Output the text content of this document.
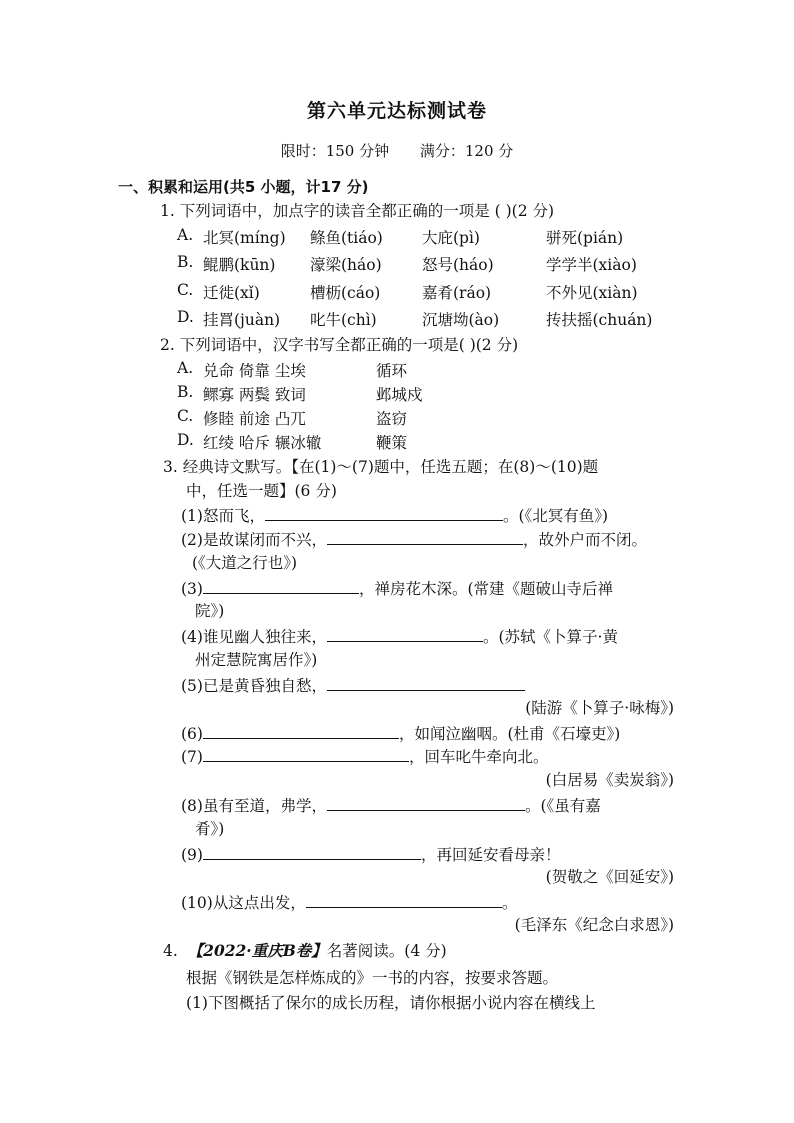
第六单元达标测试卷
限时：150 分钟 满分：120 分
一、积累和运用(共5 小题，计17 分)
1. 下列词语中，加点字的读音全都正确的一项是 ( )(2 分)
A. 北冥(míng) 鲦鱼(tiáo)	大庇(pì)	骈死(pián)
B. 鲲鹏(kūn) 濠梁(háo)	怒号(háo)	学学半(xiào)
C. 迁徙(xǐ)	槽枥(cáo)	嘉肴(ráo)	不外见(xiàn)
D. 挂罥(juàn) 叱牛(chì)	沉塘坳(ào)	抟扶摇(chuán)
2. 下列词语中，汉字书写全都正确的一项是( )(2 分)
A. 兑命 倚靠 尘埃	循环
B. 鳏寡 两鬓 致词	邺城戍
C. 修睦 前途 凸兀	盗窃
D. 红绫 哈斥 辗冰辙	鞭策
3. 经典诗文默写。【在(1)～(7)题中，任选五题；在(8)～(10)题
中，任选一题】(6 分)
(1)怒而飞，	。(《北冥有鱼》)
(2)是故谋闭而不兴，	，故外户而不闭。
(《大道之行也》)
(3)	，禅房花木深。(常建《题破山寺后禅
院》)
(4)谁见幽人独往来，	。(苏轼《卜算子·黄
州定慧院寓居作》)
(5)已是黄昏独自愁，
(陆游《卜算子·咏梅》)
(6)	，如闻泣幽咽。(杜甫《石壕吏》)
(7)	，回车叱牛牵向北。
(白居易《卖炭翁》)
(8)虽有至道，弗学，	。(《虽有嘉
肴》)
(9)	，再回延安看母亲！
(贺敬之《回延安》)
(10)从这点出发，	。
(毛泽东《纪念白求恩》)
4. 【2022·重庆B卷】名著阅读。(4 分)
根据《钢铁是怎样炼成的》一书的内容，按要求答题。
(1)下图概括了保尔的成长历程，请你根据小说内容在横线上
